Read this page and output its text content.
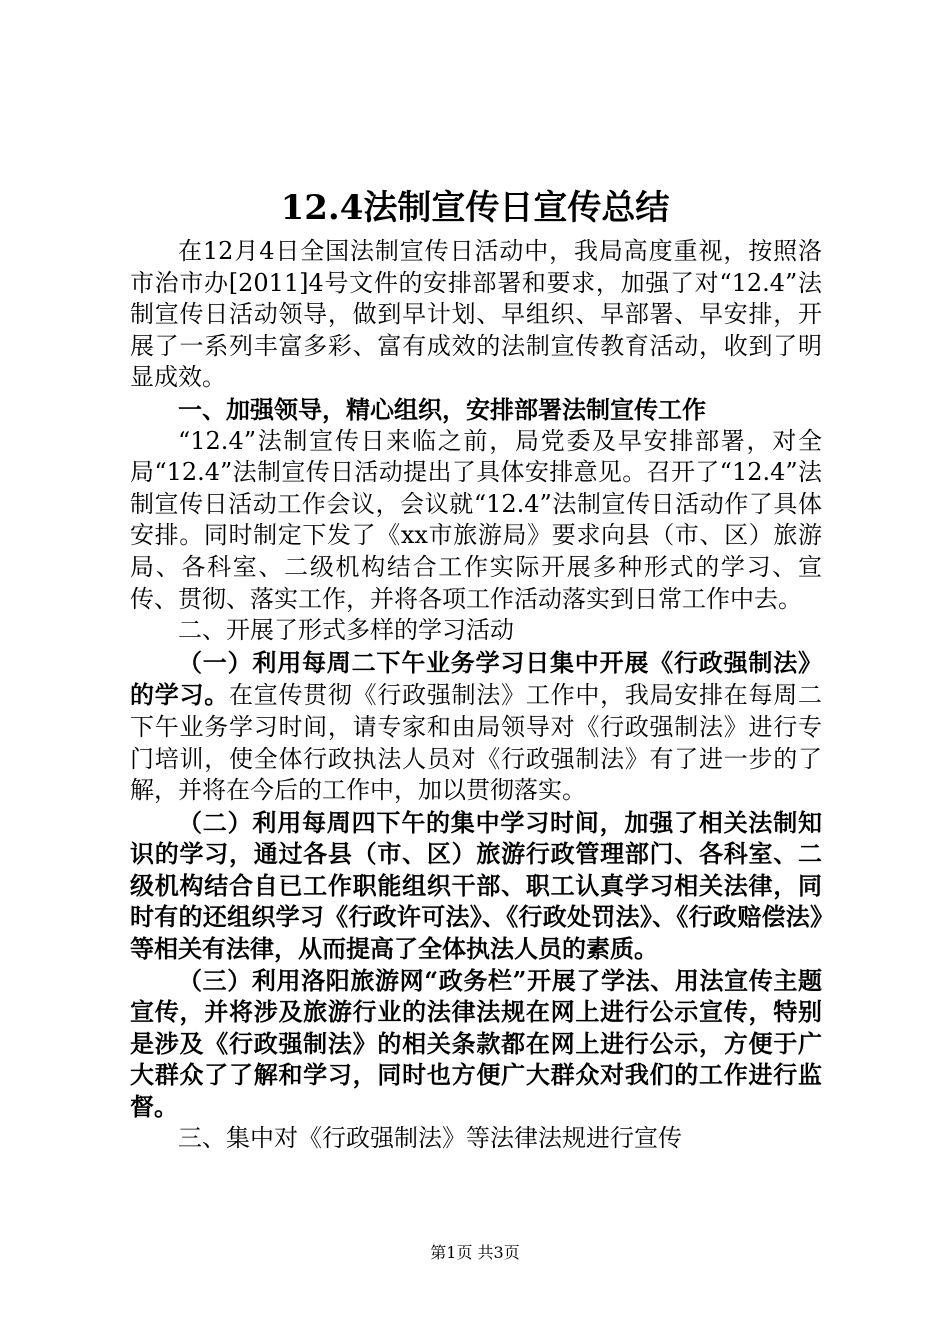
12.4法制宣传日宣传总结

在12月4日全国法制宣传日活动中，我局高度重视，按照洛市治市办[2011]4号文件的安排部署和要求，加强了对“12.4”法制宣传日活动领导，做到早计划、早组织、早部署、早安排，开展了一系列丰富多彩、富有成效的法制宣传教育活动，收到了明显成效。

一、加强领导，精心组织，安排部署法制宣传工作

“12.4”法制宣传日来临之前，局党委及早安排部署，对全局“12.4”法制宣传日活动提出了具体安排意见。召开了“12.4”法制宣传日活动工作会议，会议就“12.4”法制宣传日活动作了具体安排。同时制定下发了《xx市旅游局》要求向县（市、区）旅游局、各科室、二级机构结合工作实际开展多种形式的学习、宣传、贯彻、落实工作，并将各项工作活动落实到日常工作中去。

二、开展了形式多样的学习活动

（一）利用每周二下午业务学习日集中开展《行政强制法》的学习。在宣传贯彻《行政强制法》工作中，我局安排在每周二下午业务学习时间，请专家和由局领导对《行政强制法》进行专门培训，使全体行政执法人员对《行政强制法》有了进一步的了解，并将在今后的工作中，加以贯彻落实。

（二）利用每周四下午的集中学习时间，加强了相关法制知识的学习，通过各县（市、区）旅游行政管理部门、各科室、二级机构结合自已工作职能组织干部、职工认真学习相关法律，同时有的还组织学习《行政许可法》、《行政处罚法》、《行政赔偿法》等相关有法律，从而提高了全体执法人员的素质。

（三）利用洛阳旅游网“政务栏”开展了学法、用法宣传主题宣传，并将涉及旅游行业的法律法规在网上进行公示宣传，特别是涉及《行政强制法》的相关条款都在网上进行公示，方便于广大群众了了解和学习，同时也方便广大群众对我们的工作进行监督。

三、集中对《行政强制法》等法律法规进行宣传

第1页 共3页
